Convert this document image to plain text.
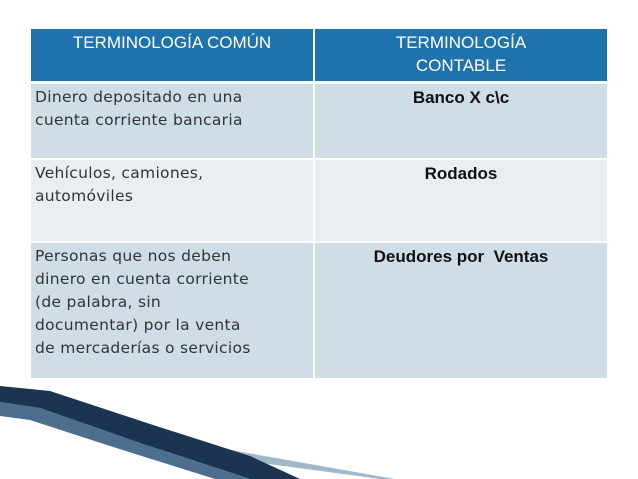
TERMINOLOGÍA COMÚN	TERMINOLOGÍA
CONTABLE
Dinero depositado en una
cuenta corriente bancaria	Banco X c\c
Vehículos, camiones,
automóviles	Rodados
Personas que nos deben
dinero en cuenta corriente
(de palabra, sin
documentar) por la venta
de mercaderías o servicios	Deudores por  Ventas
